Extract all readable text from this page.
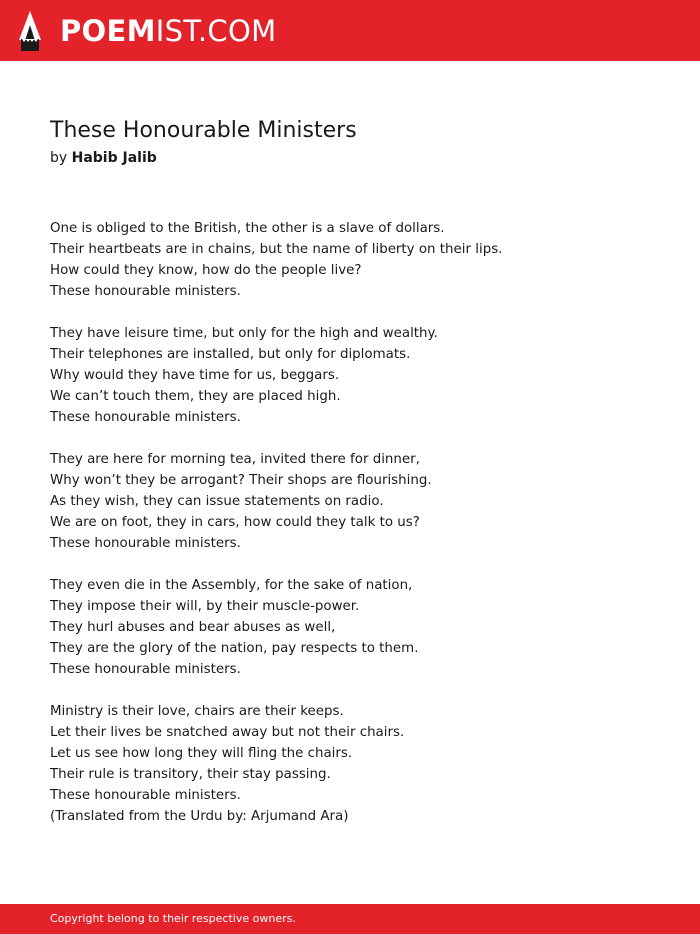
POEMIST.COM
These Honourable Ministers
by Habib Jalib
One is obliged to the British, the other is a slave of dollars.
Their heartbeats are in chains, but the name of liberty on their lips.
How could they know, how do the people live?
These honourable ministers.
They have leisure time, but only for the high and wealthy.
Their telephones are installed, but only for diplomats.
Why would they have time for us, beggars.
We can’t touch them, they are placed high.
These honourable ministers.
They are here for morning tea, invited there for dinner,
Why won’t they be arrogant? Their shops are flourishing.
As they wish, they can issue statements on radio.
We are on foot, they in cars, how could they talk to us?
These honourable ministers.
They even die in the Assembly, for the sake of nation,
They impose their will, by their muscle-power.
They hurl abuses and bear abuses as well,
They are the glory of the nation, pay respects to them.
These honourable ministers.
Ministry is their love, chairs are their keeps.
Let their lives be snatched away but not their chairs.
Let us see how long they will fling the chairs.
Their rule is transitory, their stay passing.
These honourable ministers.
(Translated from the Urdu by: Arjumand Ara)
Copyright belong to their respective owners.
